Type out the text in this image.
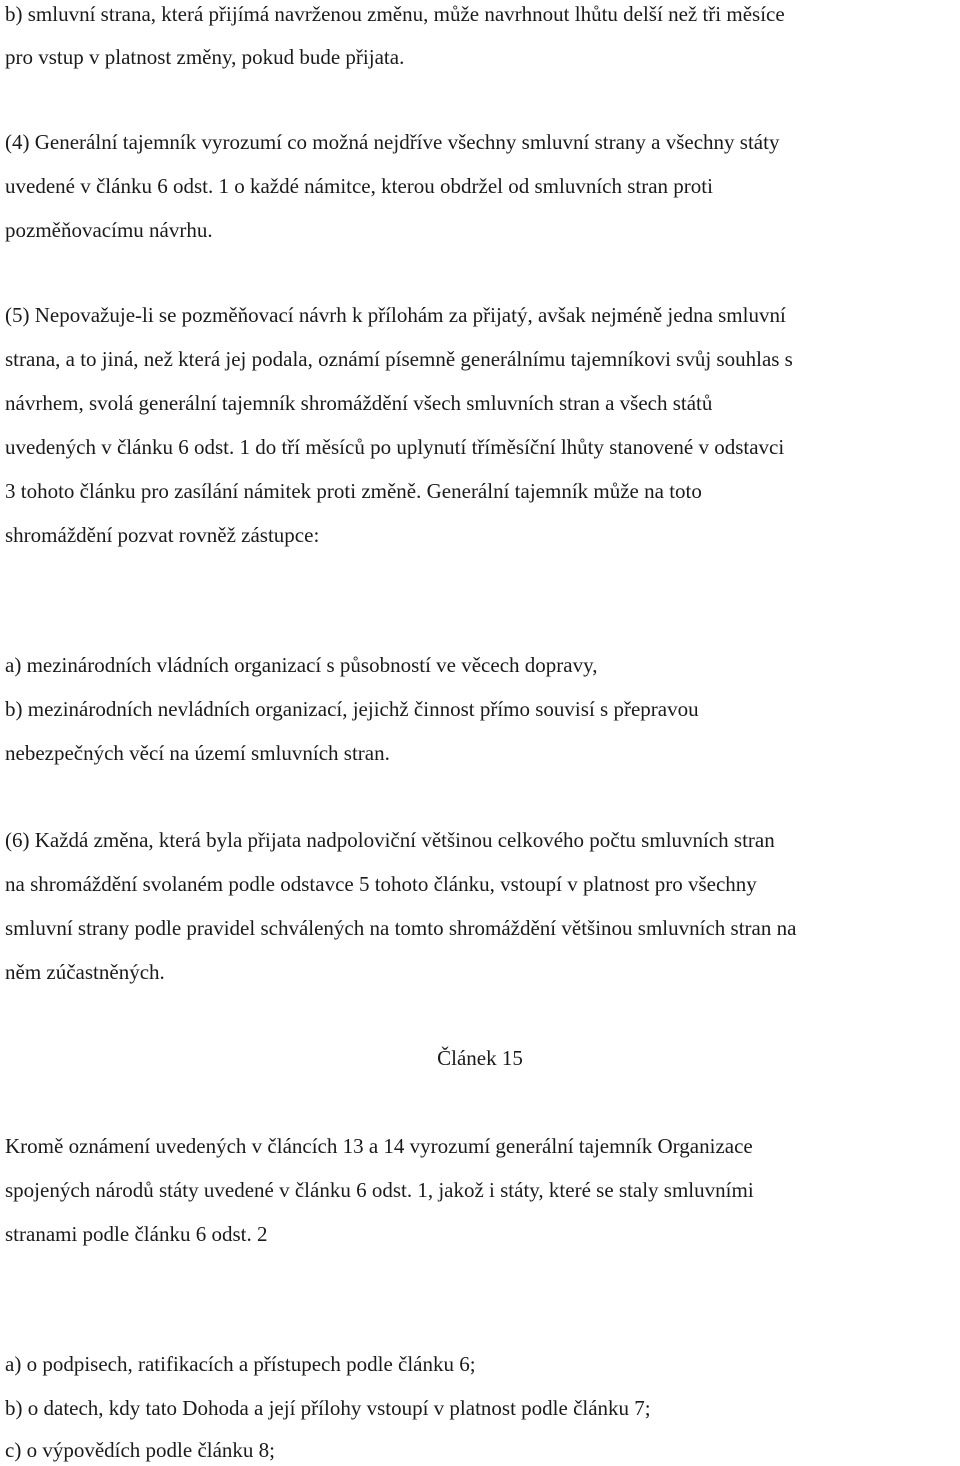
b) smluvní strana, která přijímá navrženou změnu, může navrhnout lhůtu delší než tři měsíce
pro vstup v platnost změny, pokud bude přijata.
(4) Generální tajemník vyrozumí co možná nejdříve všechny smluvní strany a všechny státy
uvedené v článku 6 odst. 1 o každé námitce, kterou obdržel od smluvních stran proti
pozměňovacímu návrhu.
(5) Nepovažuje-li se pozměňovací návrh k přílohám za přijatý, avšak nejméně jedna smluvní
strana, a to jiná, než která jej podala, oznámí písemně generálnímu tajemníkovi svůj souhlas s
návrhem, svolá generální tajemník shromáždění všech smluvních stran a všech států
uvedených v článku 6 odst. 1 do tří měsíců po uplynutí tříměsíční lhůty stanovené v odstavci
3 tohoto článku pro zasílání námitek proti změně. Generální tajemník může na toto
shromáždění pozvat rovněž zástupce:
a) mezinárodních vládních organizací s působností ve věcech dopravy,
b) mezinárodních nevládních organizací, jejichž činnost přímo souvisí s přepravou
nebezpečných věcí na území smluvních stran.
(6) Každá změna, která byla přijata nadpoloviční většinou celkového počtu smluvních stran
na shromáždění svolaném podle odstavce 5 tohoto článku, vstoupí v platnost pro všechny
smluvní strany podle pravidel schválených na tomto shromáždění většinou smluvních stran na
něm zúčastněných.
Článek 15
Kromě oznámení uvedených v článcích 13 a 14 vyrozumí generální tajemník Organizace
spojených národů státy uvedené v článku 6 odst. 1, jakož i státy, které se staly smluvními
stranami podle článku 6 odst. 2
a) o podpisech, ratifikacích a přístupech podle článku 6;
b) o datech, kdy tato Dohoda a její přílohy vstoupí v platnost podle článku 7;
c) o výpovědích podle článku 8;
